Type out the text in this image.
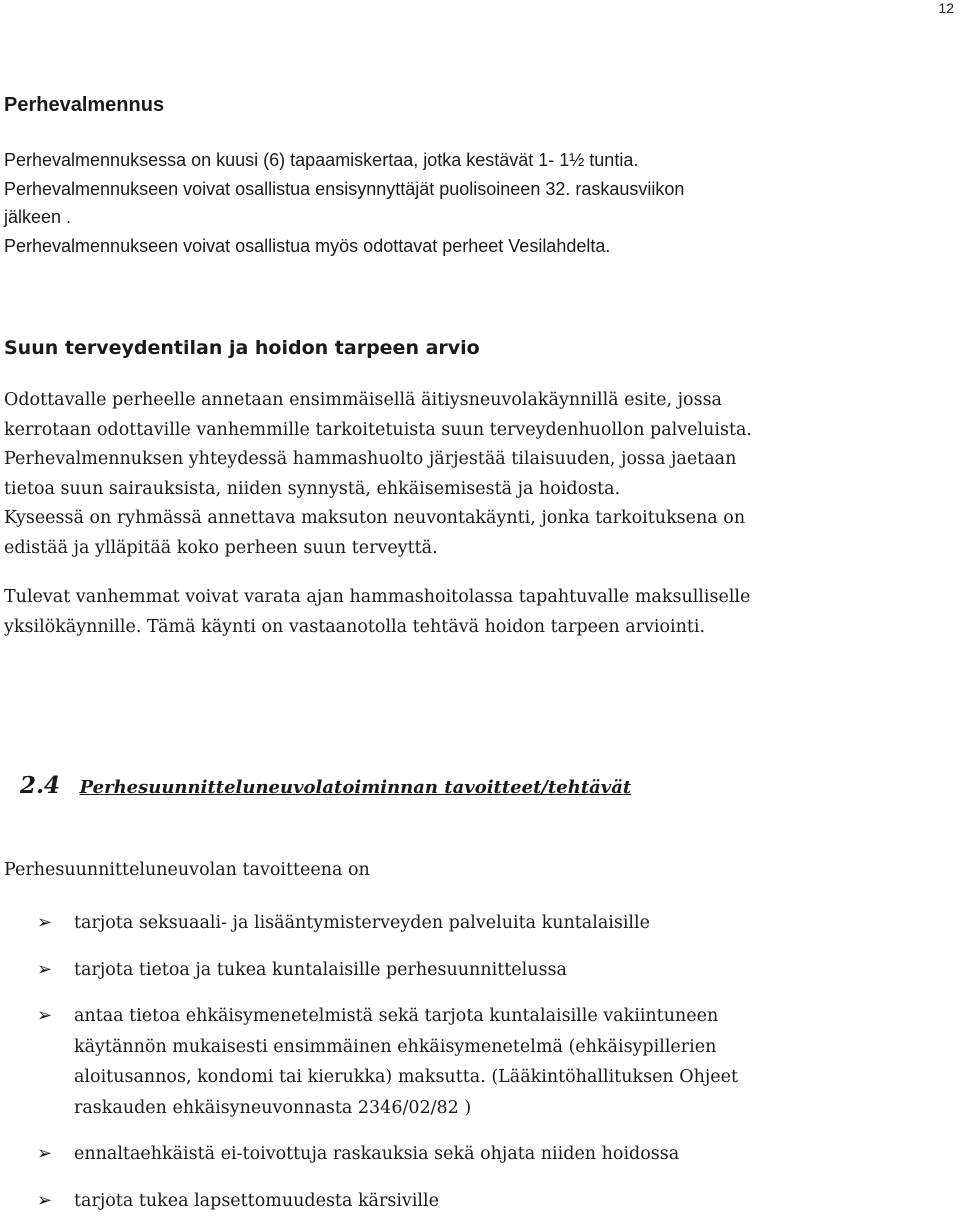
12
Perhevalmennus
Perhevalmennuksessa on kuusi (6) tapaamiskertaa, jotka kestävät 1- 1½ tuntia.
Perhevalmennukseen voivat osallistua ensisynnyttäjät puolisoineen 32. raskausviikon
jälkeen .
Perhevalmennukseen voivat osallistua myös odottavat perheet Vesilahdelta.
Suun terveydentilan ja hoidon tarpeen arvio
Odottavalle perheelle annetaan ensimmäisellä äitiysneuvolakäynnillä esite, jossa
kerrotaan odottaville vanhemmille tarkoitetuista suun terveydenhuollon palveluista.
Perhevalmennuksen yhteydessä hammashuolto järjestää tilaisuuden, jossa jaetaan
tietoa suun sairauksista, niiden synnystä, ehkäisemisestä ja hoidosta.
Kyseessä on ryhmässä annettava maksuton neuvontakäynti, jonka tarkoituksena on
edistää ja ylläpitää koko perheen suun terveyttä.
Tulevat vanhemmat voivat varata ajan hammashoitolassa tapahtuvalle maksulliselle
yksilökäynnille. Tämä käynti on vastaanotolla tehtävä hoidon tarpeen arviointi.
2.4 Perhesuunnitteluneuvolatoiminnan tavoitteet/tehtävät
Perhesuunnitteluneuvolan tavoitteena on
➢ tarjota seksuaali- ja lisääntymisterveyden palveluita kuntalaisille
➢ tarjota tietoa ja tukea kuntalaisille perhesuunnittelussa
➢ antaa tietoa ehkäisymenetelmistä sekä tarjota kuntalaisille vakiintuneen
käytännön mukaisesti ensimmäinen ehkäisymenetelmä (ehkäisypillerien
aloitusannos, kondomi tai kierukka) maksutta. (Lääkintöhallituksen Ohjeet
raskauden ehkäisyneuvonnasta 2346/02/82 )
➢ ennaltaehkäistä ei-toivottuja raskauksia sekä ohjata niiden hoidossa
➢ tarjota tukea lapsettomuudesta kärsiville
